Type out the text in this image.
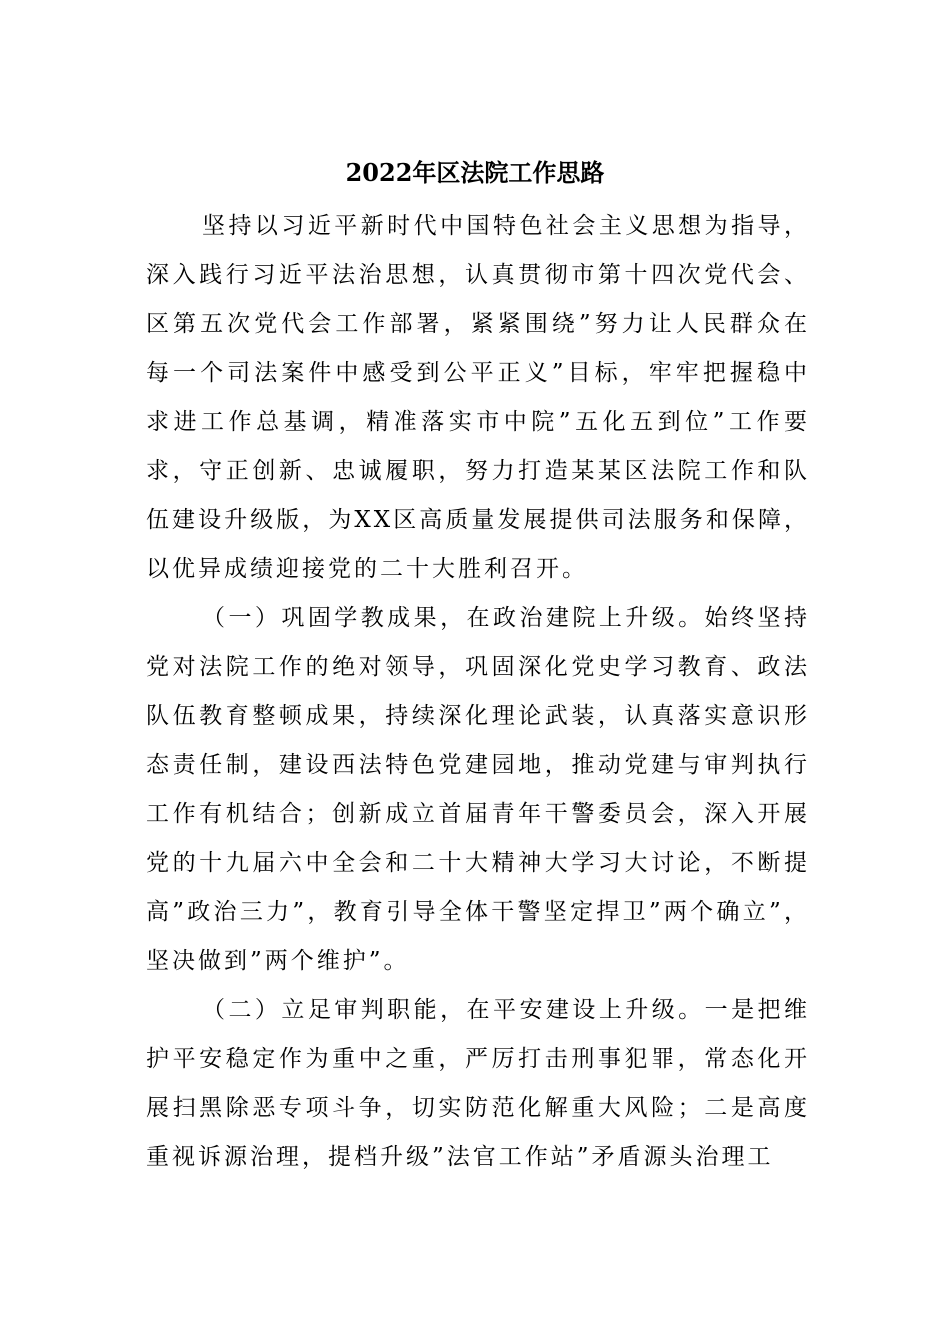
2022年区法院工作思路

坚持以习近平新时代中国特色社会主义思想为指导，深入践行习近平法治思想，认真贯彻市第十四次党代会、区第五次党代会工作部署，紧紧围绕”努力让人民群众在每一个司法案件中感受到公平正义”目标，牢牢把握稳中求进工作总基调，精准落实市中院”五化五到位”工作要求，守正创新、忠诚履职，努力打造某某区法院工作和队伍建设升级版，为XX区高质量发展提供司法服务和保障，以优异成绩迎接党的二十大胜利召开。

（一）巩固学教成果，在政治建院上升级。始终坚持党对法院工作的绝对领导，巩固深化党史学习教育、政法队伍教育整顿成果，持续深化理论武装，认真落实意识形态责任制，建设西法特色党建园地，推动党建与审判执行工作有机结合；创新成立首届青年干警委员会，深入开展党的十九届六中全会和二十大精神大学习大讨论，不断提高”政治三力”，教育引导全体干警坚定捍卫”两个确立”，坚决做到”两个维护”。

（二）立足审判职能，在平安建设上升级。一是把维护平安稳定作为重中之重，严厉打击刑事犯罪，常态化开展扫黑除恶专项斗争，切实防范化解重大风险；二是高度重视诉源治理，提档升级”法官工作站”矛盾源头治理工
